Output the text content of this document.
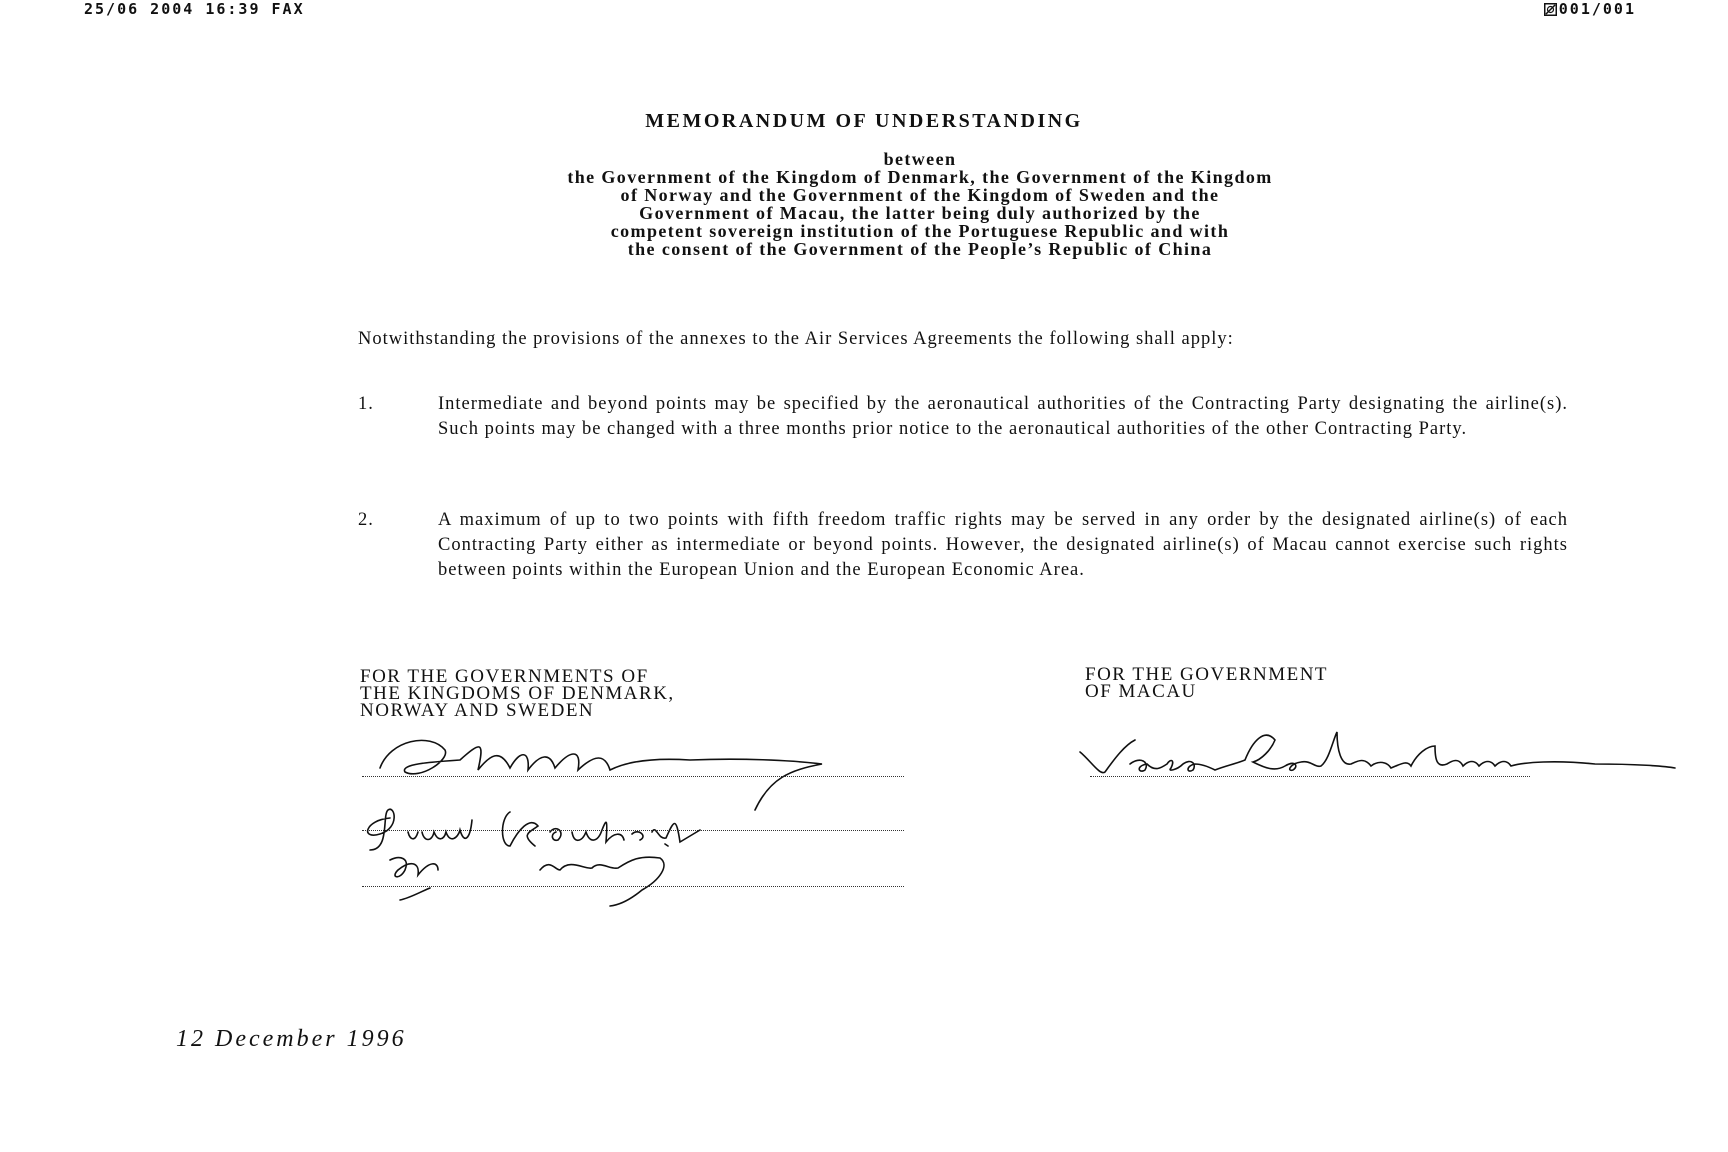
25/06 2004 16:39 FAX	001/001
MEMORANDUM OF UNDERSTANDING
between
the Government of the Kingdom of Denmark, the Government of the Kingdom
of Norway and the Government of the Kingdom of Sweden and the
Government of Macau, the latter being duly authorized by the
competent sovereign institution of the Portuguese Republic and with
the consent of the Government of the People’s Republic of China
Notwithstanding the provisions of the annexes to the Air Services Agreements the following shall apply:
1.	Intermediate and beyond points may be specified by the aeronautical authorities of the Contracting Party designating the airline(s). Such points may be changed with a three months prior notice to the aeronautical authorities of the other Contracting Party.
2.	A maximum of up to two points with fifth freedom traffic rights may be served in any order by the designated airline(s) of each Contracting Party either as intermediate or beyond points. However, the designated airline(s) of Macau cannot exercise such rights between points within the European Union and the European Economic Area.
FOR THE GOVERNMENTS OF
THE KINGDOMS OF DENMARK,
NORWAY AND SWEDEN
FOR THE GOVERNMENT
OF MACAU
12 December 1996
